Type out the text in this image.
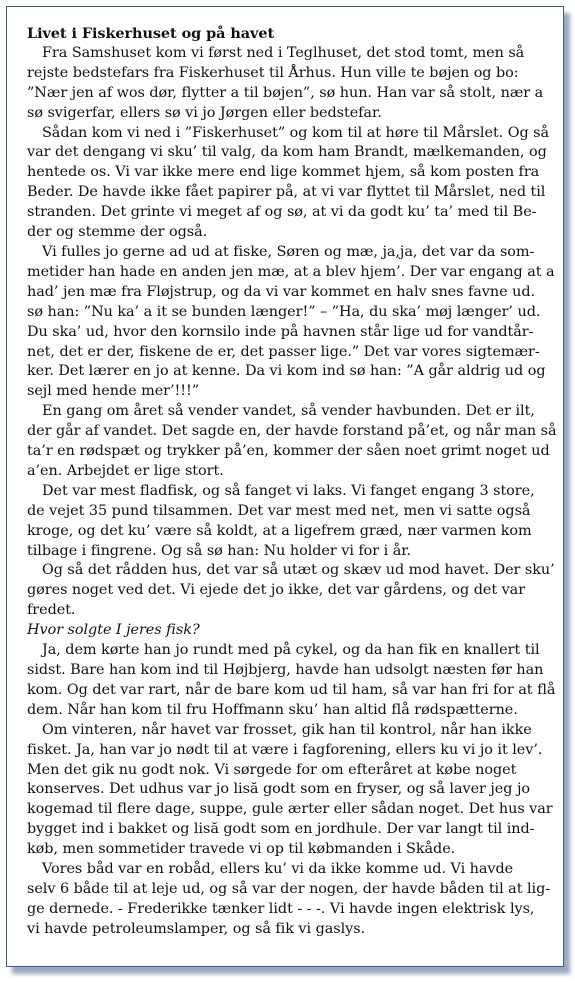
Livet i Fiskerhuset og på havet
Fra Samshuset kom vi først ned i Teglhuset, det stod tomt, men så
rejste bedstefars fra Fiskerhuset til Århus. Hun ville te bøjen og bo:
”Nær jen af wos dør, flytter a til bøjen”, sø hun. Han var så stolt, nær a
sø svigerfar, ellers sø vi jo Jørgen eller bedstefar.
Sådan kom vi ned i ”Fiskerhuset” og kom til at høre til Mårslet. Og så
var det dengang vi sku’ til valg, da kom ham Brandt, mælkemanden, og
hentede os. Vi var ikke mere end lige kommet hjem, så kom posten fra
Beder. De havde ikke fået papirer på, at vi var flyttet til Mårslet, ned til
stranden. Det grinte vi meget af og sø, at vi da godt ku’ ta’ med til Be-
der og stemme der også.
Vi fulles jo gerne ad ud at fiske, Søren og mæ, ja,ja, det var da som-
metider han hade en anden jen mæ, at a blev hjem’. Der var engang at a
had’ jen mæ fra Fløjstrup, og da vi var kommet en halv snes favne ud.
sø han: ”Nu ka’ a it se bunden længer!” – ”Ha, du ska’ møj længer’ ud.
Du ska’ ud, hvor den kornsilo inde på havnen står lige ud for vandtår-
net, det er der, fiskene de er, det passer lige.” Det var vores sigtemær-
ker. Det lærer en jo at kenne. Da vi kom ind sø han: ”A går aldrig ud og
sejl med hende mer’!!!”
En gang om året så vender vandet, så vender havbunden. Det er ilt,
der går af vandet. Det sagde en, der havde forstand på’et, og når man så
ta’r en rødspæt og trykker på’en, kommer der såen noet grimt noget ud
a’en. Arbejdet er lige stort.
Det var mest fladfisk, og så fanget vi laks. Vi fanget engang 3 store,
de vejet 35 pund tilsammen. Det var mest med net, men vi satte også
kroge, og det ku’ være så koldt, at a ligefrem græd, nær varmen kom
tilbage i fingrene. Og så sø han: Nu holder vi for i år.
Og så det rådden hus, det var så utæt og skæv ud mod havet. Der sku’
gøres noget ved det. Vi ejede det jo ikke, det var gårdens, og det var
fredet.
Hvor solgte I jeres fisk?
Ja, dem kørte han jo rundt med på cykel, og da han fik en knallert til
sidst. Bare han kom ind til Højbjerg, havde han udsolgt næsten før han
kom. Og det var rart, når de bare kom ud til ham, så var han fri for at flå
dem. Når han kom til fru Hoffmann sku’ han altid flå rødspætterne.
Om vinteren, når havet var frosset, gik han til kontrol, når han ikke
fisket. Ja, han var jo nødt til at være i fagforening, ellers ku vi jo it lev’.
Men det gik nu godt nok. Vi sørgede for om efteråret at købe noget
konserves. Det udhus var jo lisă godt som en fryser, og så laver jeg jo
kogemad til flere dage, suppe, gule ærter eller sådan noget. Det hus var
bygget ind i bakket og lisă godt som en jordhule. Der var langt til ind-
køb, men sommetider travede vi op til købmanden i Skåde.
Vores båd var en robåd, ellers ku’ vi da ikke komme ud. Vi havde
selv 6 både til at leje ud, og så var der nogen, der havde båden til at lig-
ge dernede. - Frederikke tænker lidt - - -. Vi havde ingen elektrisk lys,
vi havde petroleumslamper, og så fik vi gaslys.
